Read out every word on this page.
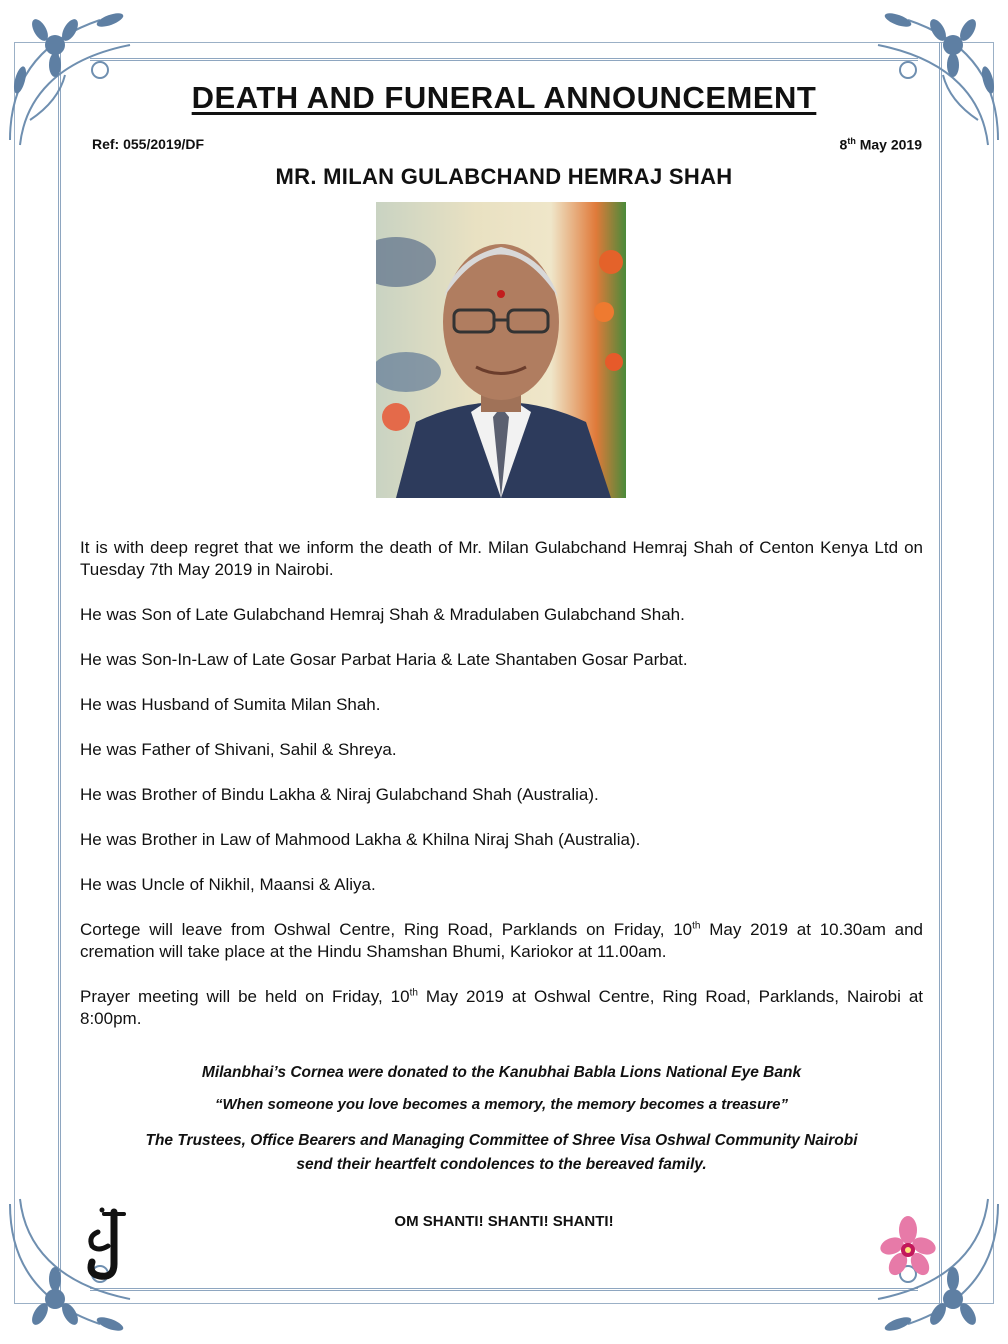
DEATH AND FUNERAL ANNOUNCEMENT
Ref: 055/2019/DF	8th May 2019
MR. MILAN GULABCHAND HEMRAJ SHAH

It is with deep regret that we inform the death of Mr. Milan Gulabchand Hemraj Shah of Centon Kenya Ltd on Tuesday 7th May 2019 in Nairobi.

He was Son of Late Gulabchand Hemraj Shah & Mradulaben Gulabchand Shah.

He was Son-In-Law of Late Gosar Parbat Haria & Late Shantaben Gosar Parbat.

He was Husband of Sumita Milan Shah.

He was Father of Shivani, Sahil & Shreya.

He was Brother of Bindu Lakha & Niraj Gulabchand Shah (Australia).

He was Brother in Law of Mahmood Lakha & Khilna Niraj Shah (Australia).

He was Uncle of Nikhil, Maansi & Aliya.

Cortege will leave from Oshwal Centre, Ring Road, Parklands on Friday, 10th May 2019 at 10.30am and cremation will take place at the Hindu Shamshan Bhumi, Kariokor at 11.00am.

Prayer meeting will be held on Friday, 10th May 2019 at Oshwal Centre, Ring Road, Parklands, Nairobi at 8:00pm.

Milanbhai’s Cornea were donated to the Kanubhai Babla Lions National Eye Bank
“When someone you love becomes a memory, the memory becomes a treasure”
The Trustees, Office Bearers and Managing Committee of Shree Visa Oshwal Community Nairobi
send their heartfelt condolences to the bereaved family.
OM SHANTI! SHANTI! SHANTI!
